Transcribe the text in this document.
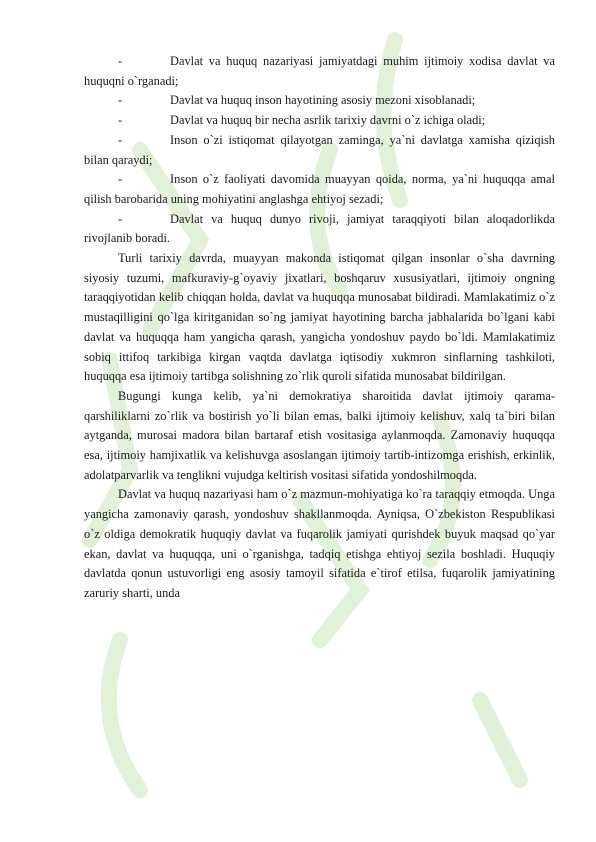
-	Davlat va huquq nazariyasi jamiyatdagi muhim ijtimoiy xodisa davlat va huquqni o`rganadi;
-	Davlat va huquq inson hayotining asosiy mezoni xisoblanadi;
-	Davlat va huquq bir necha asrlik tarixiy davrni o`z ichiga oladi;
-	Inson o`zi istiqomat qilayotgan zaminga, ya`ni davlatga xamisha qiziqish bilan qaraydi;
-	Inson o`z faoliyati davomida muayyan qoida, norma, ya`ni huquqqa amal qilish barobarida uning mohiyatini anglashga ehtiyoj sezadi;
-	Davlat va huquq dunyo rivoji, jamiyat taraqqiyoti bilan aloqadorlikda rivojlanib boradi.

Turli tarixiy davrda, muayyan makonda istiqomat qilgan insonlar o`sha davrning siyosiy tuzumi, mafkuraviy-g`oyaviy jixatlari, boshqaruv xususiyatlari, ijtimoiy ongning taraqqiyotidan kelib chiqqan holda, davlat va huquqqa munosabat bildiradi. Mamlakatimiz o`z mustaqilligini qo`lga kiritganidan so`ng jamiyat hayotining barcha jabhalarida bo`lgani kabi davlat va huquqqa ham yangicha qarash, yangicha yondoshuv paydo bo`ldi. Mamlakatimiz sobiq ittifoq tarkibiga kirgan vaqtda davlatga iqtisodiy xukmron sinflarning tashkiloti, huquqqa esa ijtimoiy tartibga solishning zo`rlik quroli sifatida munosabat bildirilgan.

Bugungi kunga kelib, ya`ni demokratiya sharoitida davlat ijtimoiy qarama-qarshiliklarni zo`rlik va bostirish yo`li bilan emas, balki ijtimoiy kelishuv, xalq ta`biri bilan aytganda, murosai madora bilan bartaraf etish vositasiga aylanmoqda. Zamonaviy huquqqa esa, ijtimoiy hamjixatlik va kelishuvga asoslangan ijtimoiy tartib-intizomga erishish, erkinlik, adolatparvarlik va tenglikni vujudga keltirish vositasi sifatida yondoshilmoqda.

Davlat va huquq nazariyasi ham o`z mazmun-mohiyatiga ko`ra taraqqiy etmoqda. Unga yangicha zamonaviy qarash, yondoshuv shakllanmoqda. Ayniqsa, O`zbekiston Respublikasi o`z oldiga demokratik huquqiy davlat va fuqarolik jamiyati qurishdek buyuk maqsad qo`yar ekan, davlat va huquqqa, uni o`rganishga, tadqiq etishga ehtiyoj sezila boshladi. Huquqiy davlatda qonun ustuvorligi eng asosiy tamoyil sifatida e`tirof etilsa, fuqarolik jamiyatining zaruriy sharti, unda
